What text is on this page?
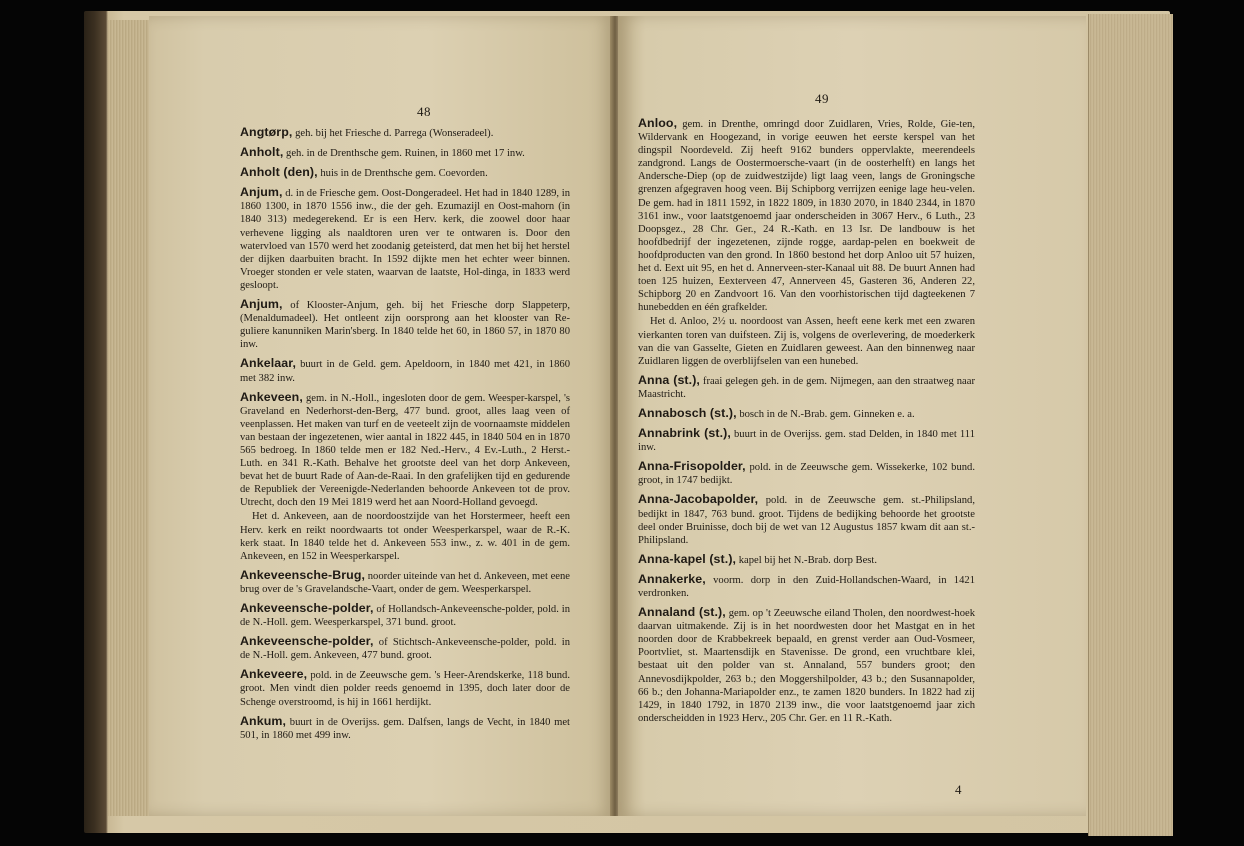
48

Angtørp, geh. bij het Friesche d. Parrega (Wonseradeel).

Anholt, geh. in de Drenthsche gem. Ruinen, in 1860 met 17 inw.

Anholt (den), huis in de Drenthsche gem. Coevorden.

Anjum, d. in de Friesche gem. Oost-Dongeradeel. Het had in 1840 1289, in 1860 1300, in 1870 1556 inw., die der geh. Ezumazijl en Oost-mahorn (in 1840 313) medegerekend. Er is een Herv. kerk, die zoowel door haar verhevene ligging als naaldtoren uren ver te ontwaren is. Door den watervloed van 1570 werd het zoodanig geteisterd, dat men het bij het herstel der dijken daarbuiten bracht. In 1592 dijkte men het echter weer binnen. Vroeger stonden er vele staten, waarvan de laatste, Hol-dinga, in 1833 werd gesloopt.

Anjum, of Klooster-Anjum, geh. bij het Friesche dorp Slappeterp, (Menaldumadeel). Het ontleent zijn oorsprong aan het klooster van Re-guliere kanunniken Marin'sberg. In 1840 telde het 60, in 1860 57, in 1870 80 inw.

Ankelaar, buurt in de Geld. gem. Apeldoorn, in 1840 met 421, in 1860 met 382 inw.

Ankeveen, gem. in N.-Holl., ingesloten door de gem. Weesper-karspel, 's Graveland en Nederhorst-den-Berg, 477 bund. groot, alles laag veen of veenplassen. Het maken van turf en de veeteelt zijn de voornaamste middelen van bestaan der ingezetenen, wier aantal in 1822 445, in 1840 504 en in 1870 565 bedroeg. In 1860 telde men er 182 Ned.-Herv., 4 Ev.-Luth., 2 Herst.-Luth. en 341 R.-Kath. Behalve het grootste deel van het dorp Ankeveen, bevat het de buurt Rade of Aan-de-Raai. In den grafelijken tijd en gedurende de Republiek der Vereenigde-Nederlanden behoorde Ankeveen tot de prov. Utrecht, doch den 19 Mei 1819 werd het aan Noord-Holland gevoegd.
Het d. Ankeveen, aan de noordoostzijde van het Horstermeer, heeft een Herv. kerk en reikt noordwaarts tot onder Weesperkarspel, waar de R.-K. kerk staat. In 1840 telde het d. Ankeveen 553 inw., z. w. 401 in de gem. Ankeveen, en 152 in Weesperkarspel.

Ankeveensche-Brug, noorder uiteinde van het d. Ankeveen, met eene brug over de 's Gravelandsche-Vaart, onder de gem. Weesperkarspel.

Ankeveensche-polder, of Hollandsch-Ankeveensche-polder, pold. in de N.-Holl. gem. Weesperkarspel, 371 bund. groot.

Ankeveensche-polder, of Stichtsch-Ankeveensche-polder, pold. in de N.-Holl. gem. Ankeveen, 477 bund. groot.

Ankeveere, pold. in de Zeeuwsche gem. 's Heer-Arendskerke, 118 bund. groot. Men vindt dien polder reeds genoemd in 1395, doch later door de Schenge overstroomd, is hij in 1661 herdijkt.

Ankum, buurt in de Overijss. gem. Dalfsen, langs de Vecht, in 1840 met 501, in 1860 met 499 inw.

49

Anloo, gem. in Drenthe, omringd door Zuidlaren, Vries, Rolde, Gie-ten, Wildervank en Hoogezand, in vorige eeuwen het eerste kerspel van het dingspil Noordeveld. Zij heeft 9162 bunders oppervlakte, meerendeels zandgrond. Langs de Oostermoersche-vaart (in de oosterhelft) en langs het Andersche-Diep (op de zuidwestzijde) ligt laag veen, langs de Groningsche grenzen afgegraven hoog veen. Bij Schipborg verrijzen eenige lage heu-velen. De gem. had in 1811 1592, in 1822 1809, in 1830 2070, in 1840 2344, in 1870 3161 inw., voor laatstgenoemd jaar onderscheiden in 3067 Herv., 6 Luth., 23 Doopsgez., 28 Chr. Ger., 24 R.-Kath. en 13 Isr. De landbouw is het hoofdbedrijf der ingezetenen, zijnde rogge, aardap-pelen en boekweit de hoofdproducten van den grond. In 1860 bestond het dorp Anloo uit 57 huizen, het d. Eext uit 95, en het d. Annerveen-ster-Kanaal uit 88. De buurt Annen had toen 125 huizen, Eexterveen 47, Annerveen 45, Gasteren 36, Anderen 22, Schipborg 20 en Zandvoort 16. Van den voorhistorischen tijd dagteekenen 7 hunebedden en één grafkelder.
Het d. Anloo, 2½ u. noordoost van Assen, heeft eene kerk met een zwaren vierkanten toren van duifsteen. Zij is, volgens de overlevering, de moederkerk van die van Gasselte, Gieten en Zuidlaren geweest. Aan den binnenweg naar Zuidlaren liggen de overblijfselen van een hunebed.

Anna (st.), fraai gelegen geh. in de gem. Nijmegen, aan den straatweg naar Maastricht.

Annabosch (st.), bosch in de N.-Brab. gem. Ginneken e. a.

Annabrink (st.), buurt in de Overijss. gem. stad Delden, in 1840 met 111 inw.

Anna-Frisopolder, pold. in de Zeeuwsche gem. Wissekerke, 102 bund. groot, in 1747 bedijkt.

Anna-Jacobapolder, pold. in de Zeeuwsche gem. st.-Philipsland, bedijkt in 1847, 763 bund. groot. Tijdens de bedijking behoorde het grootste deel onder Bruinisse, doch bij de wet van 12 Augustus 1857 kwam dit aan st.-Philipsland.

Anna-kapel (st.), kapel bij het N.-Brab. dorp Best.

Annakerke, voorm. dorp in den Zuid-Hollandschen-Waard, in 1421 verdronken.

Annaland (st.), gem. op 't Zeeuwsche eiland Tholen, den noordwest-hoek daarvan uitmakende. Zij is in het noordwesten door het Mastgat en in het noorden door de Krabbekreek bepaald, en grenst verder aan Oud-Vosmeer, Poortvliet, st. Maartensdijk en Stavenisse. De grond, een vruchtbare klei, bestaat uit den polder van st. Annaland, 557 bunders groot; den Annevosdijkpolder, 263 b.; den Moggershilpolder, 43 b.; den Susannapolder, 66 b.; den Johanna-Mariapolder enz., te zamen 1820 bunders. In 1822 had zij 1429, in 1840 1792, in 1870 2139 inw., die voor laatstgenoemd jaar zich onderscheidden in 1923 Herv., 205 Chr. Ger. en 11 R.-Kath.

4
